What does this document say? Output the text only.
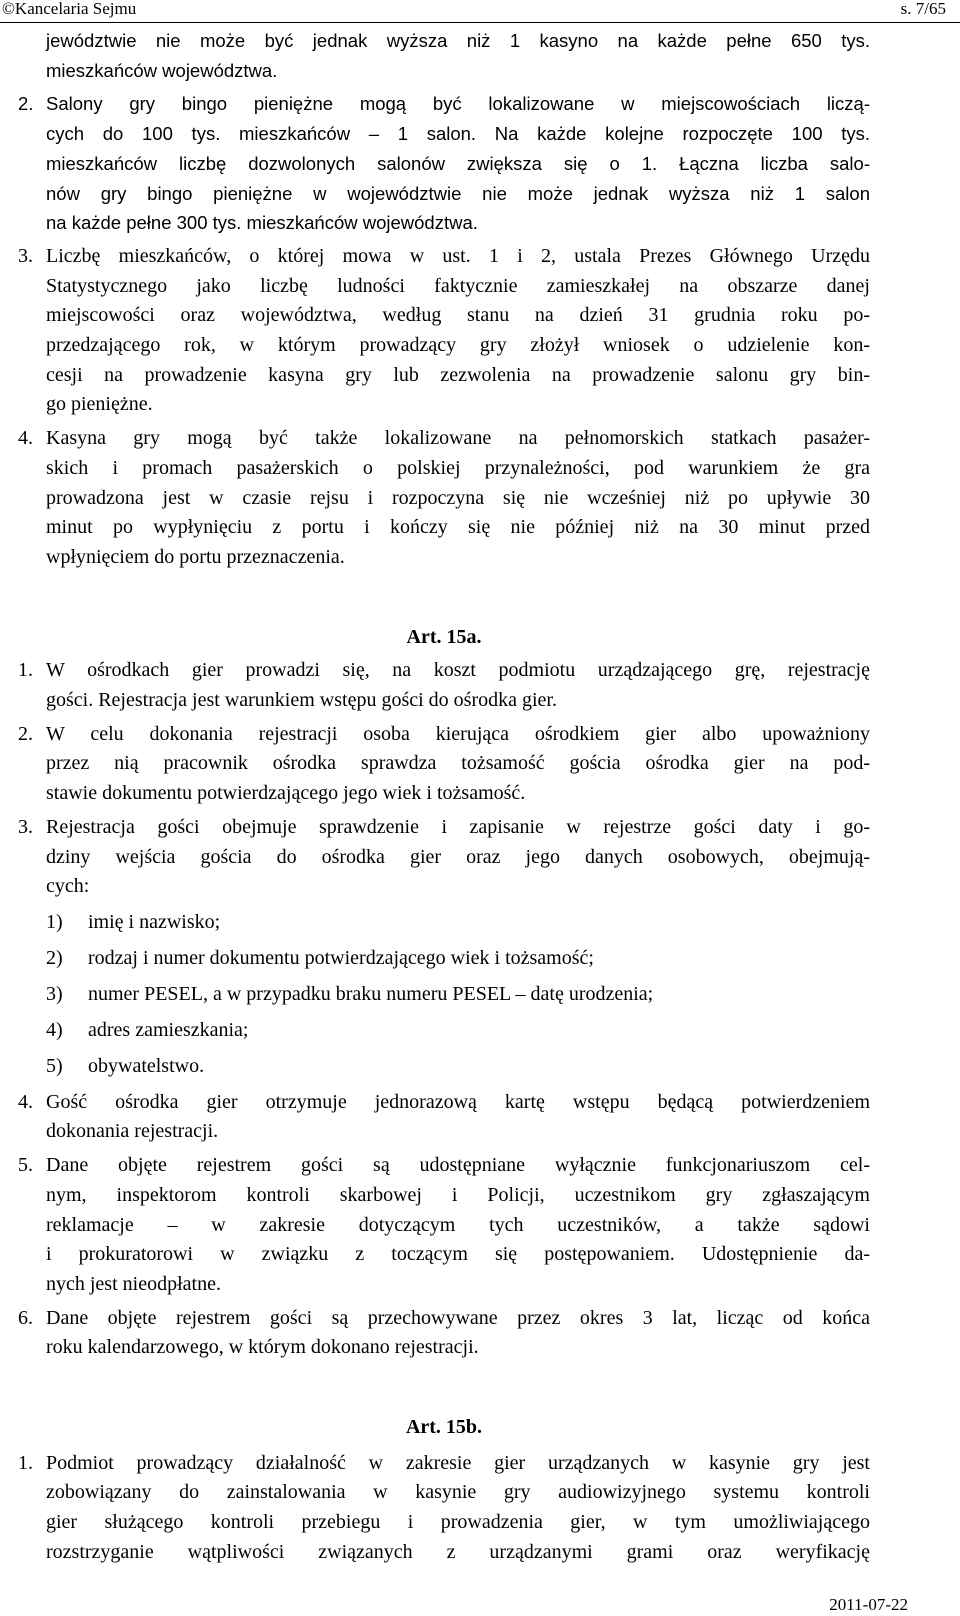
©Kancelaria Sejmu	s. 7/65
jewództwie nie może być jednak wyższa niż 1 kasyno na każde pełne 650 tys.
mieszkańców województwa.
2. Salony gry bingo pieniężne mogą być lokalizowane w miejscowościach liczą-
cych do 100 tys. mieszkańców – 1 salon. Na każde kolejne rozpoczęte 100 tys.
mieszkańców liczbę dozwolonych salonów zwiększa się o 1. Łączna liczba salo-
nów gry bingo pieniężne w województwie nie może jednak wyższa niż 1 salon
na każde pełne 300 tys. mieszkańców województwa.
3. Liczbę mieszkańców, o której mowa w ust. 1 i 2, ustala Prezes Głównego Urzędu
Statystycznego jako liczbę ludności faktycznie zamieszkałej na obszarze danej
miejscowości oraz województwa, według stanu na dzień 31 grudnia roku po-
przedzającego rok, w którym prowadzący gry złożył wniosek o udzielenie kon-
cesji na prowadzenie kasyna gry lub zezwolenia na prowadzenie salonu gry bin-
go pieniężne.
4. Kasyna gry mogą być także lokalizowane na pełnomorskich statkach pasażer-
skich i promach pasażerskich o polskiej przynależności, pod warunkiem że gra
prowadzona jest w czasie rejsu i rozpoczyna się nie wcześniej niż po upływie 30
minut po wypłynięciu z portu i kończy się nie później niż na 30 minut przed
wpłynięciem do portu przeznaczenia.
Art. 15a.
1. W ośrodkach gier prowadzi się, na koszt podmiotu urządzającego grę, rejestrację
gości. Rejestracja jest warunkiem wstępu gości do ośrodka gier.
2. W celu dokonania rejestracji osoba kierująca ośrodkiem gier albo upoważniony
przez nią pracownik ośrodka sprawdza tożsamość gościa ośrodka gier na pod-
stawie dokumentu potwierdzającego jego wiek i tożsamość.
3. Rejestracja gości obejmuje sprawdzenie i zapisanie w rejestrze gości daty i go-
dziny wejścia gościa do ośrodka gier oraz jego danych osobowych, obejmują-
cych:
1) imię i nazwisko;
2) rodzaj i numer dokumentu potwierdzającego wiek i tożsamość;
3) numer PESEL, a w przypadku braku numeru PESEL – datę urodzenia;
4) adres zamieszkania;
5) obywatelstwo.
4. Gość ośrodka gier otrzymuje jednorazową kartę wstępu będącą potwierdzeniem
dokonania rejestracji.
5. Dane objęte rejestrem gości są udostępniane wyłącznie funkcjonariuszom cel-
nym, inspektorom kontroli skarbowej i Policji, uczestnikom gry zgłaszającym
reklamacje – w zakresie dotyczącym tych uczestników, a także sądowi
i prokuratorowi w związku z toczącym się postępowaniem. Udostępnienie da-
nych jest nieodpłatne.
6. Dane objęte rejestrem gości są przechowywane przez okres 3 lat, licząc od końca
roku kalendarzowego, w którym dokonano rejestracji.
Art. 15b.
1. Podmiot prowadzący działalność w zakresie gier urządzanych w kasynie gry jest
zobowiązany do zainstalowania w kasynie gry audiowizyjnego systemu kontroli
gier służącego kontroli przebiegu i prowadzenia gier, w tym umożliwiającego
rozstrzyganie wątpliwości związanych z urządzanymi grami oraz weryfikację
2011-07-22
